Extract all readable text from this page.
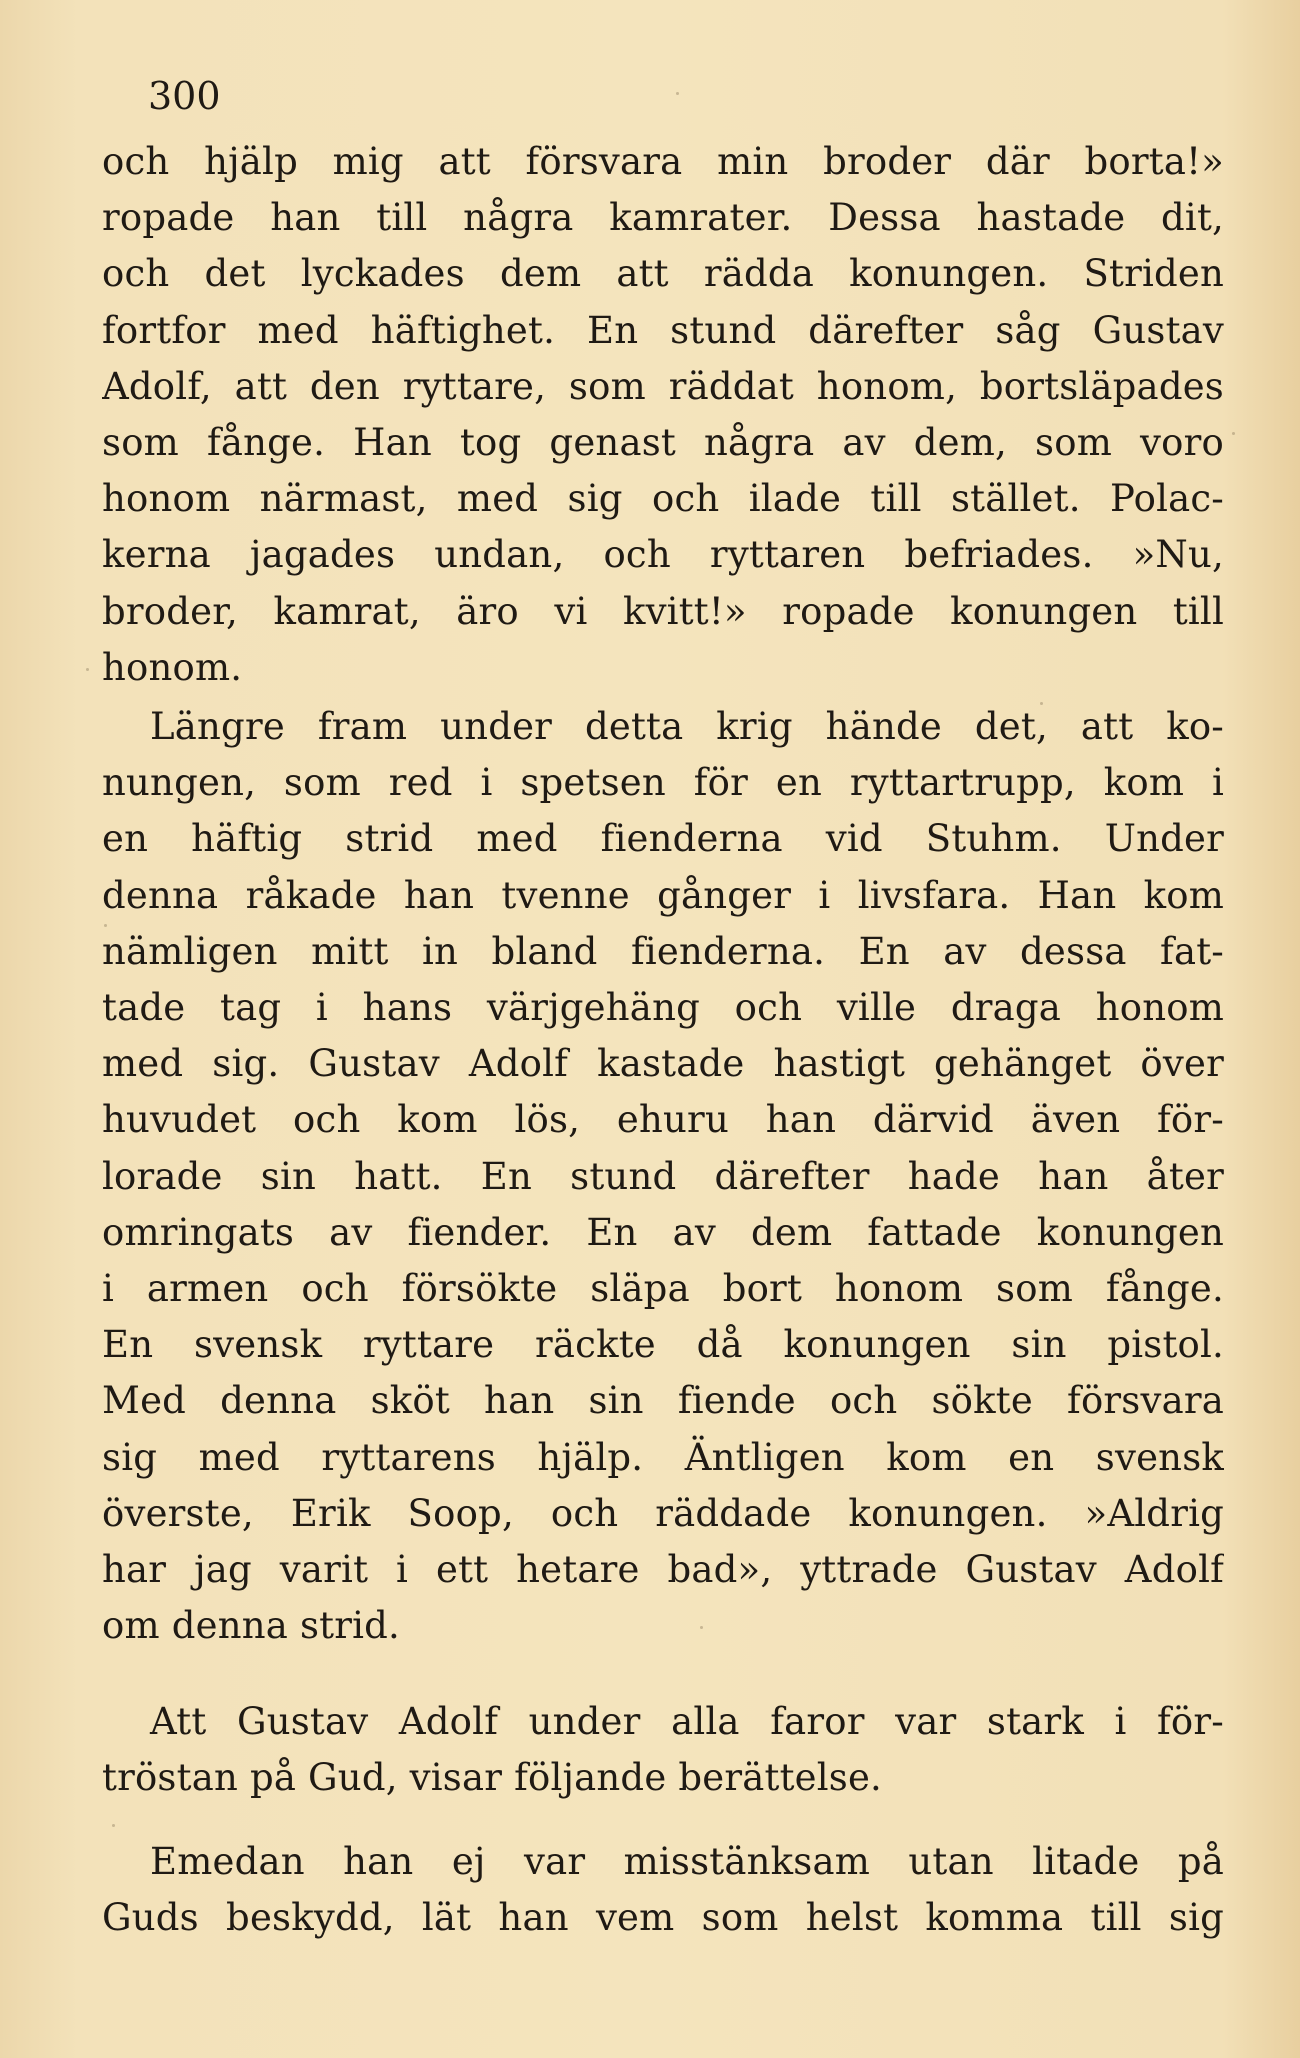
300
och hjälp mig att försvara min broder där borta!»
ropade han till några kamrater. Dessa hastade dit,
och det lyckades dem att rädda konungen. Striden
fortfor med häftighet. En stund därefter såg Gustav
Adolf, att den ryttare, som räddat honom, bortsläpades
som fånge. Han tog genast några av dem, som voro
honom närmast, med sig och ilade till stället. Polac-
kerna jagades undan, och ryttaren befriades. »Nu,
broder, kamrat, äro vi kvitt!» ropade konungen till
honom.
Längre fram under detta krig hände det, att ko-
nungen, som red i spetsen för en ryttartrupp, kom i
en häftig strid med fienderna vid Stuhm. Under
denna råkade han tvenne gånger i livsfara. Han kom
nämligen mitt in bland fienderna. En av dessa fat-
tade tag i hans värjgehäng och ville draga honom
med sig. Gustav Adolf kastade hastigt gehänget över
huvudet och kom lös, ehuru han därvid även för-
lorade sin hatt. En stund därefter hade han åter
omringats av fiender. En av dem fattade konungen
i armen och försökte släpa bort honom som fånge.
En svensk ryttare räckte då konungen sin pistol.
Med denna sköt han sin fiende och sökte försvara
sig med ryttarens hjälp. Äntligen kom en svensk
överste, Erik Soop, och räddade konungen. »Aldrig
har jag varit i ett hetare bad», yttrade Gustav Adolf
om denna strid.
Att Gustav Adolf under alla faror var stark i för-
tröstan på Gud, visar följande berättelse.
Emedan han ej var misstänksam utan litade på
Guds beskydd, lät han vem som helst komma till sig
